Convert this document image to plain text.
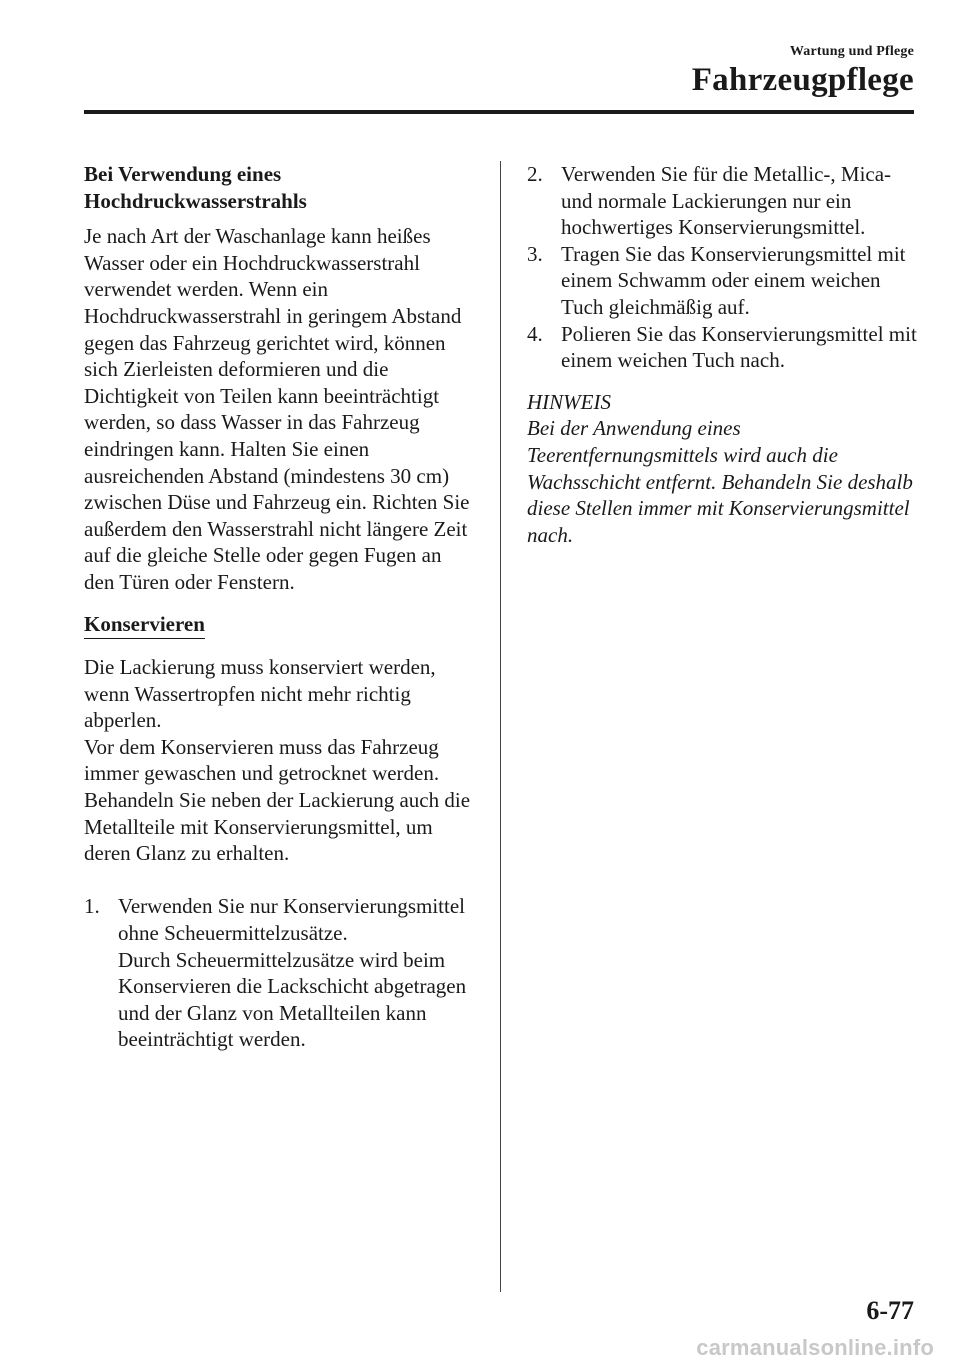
Wartung und Pflege
Fahrzeugpflege

Bei Verwendung eines
Hochdruckwasserstrahls

Je nach Art der Waschanlage kann heißes Wasser oder ein Hochdruckwasserstrahl verwendet werden. Wenn ein Hochdruckwasserstrahl in geringem Abstand gegen das Fahrzeug gerichtet wird, können sich Zierleisten deformieren und die Dichtigkeit von Teilen kann beeinträchtigt werden, so dass Wasser in das Fahrzeug eindringen kann. Halten Sie einen ausreichenden Abstand (mindestens 30 cm) zwischen Düse und Fahrzeug ein. Richten Sie außerdem den Wasserstrahl nicht längere Zeit auf die gleiche Stelle oder gegen Fugen an den Türen oder Fenstern.

Konservieren

Die Lackierung muss konserviert werden, wenn Wassertropfen nicht mehr richtig abperlen.

Vor dem Konservieren muss das Fahrzeug immer gewaschen und getrocknet werden. Behandeln Sie neben der Lackierung auch die Metallteile mit Konservierungsmittel, um deren Glanz zu erhalten.

1. Verwenden Sie nur Konservierungsmittel ohne Scheuermittelzusätze.
Durch Scheuermittelzusätze wird beim Konservieren die Lackschicht abgetragen und der Glanz von Metallteilen kann beeinträchtigt werden.
2. Verwenden Sie für die Metallic-, Mica- und normale Lackierungen nur ein hochwertiges Konservierungsmittel.
3. Tragen Sie das Konservierungsmittel mit einem Schwamm oder einem weichen Tuch gleichmäßig auf.
4. Polieren Sie das Konservierungsmittel mit einem weichen Tuch nach.

HINWEIS

Bei der Anwendung eines Teerentfernungsmittels wird auch die Wachsschicht entfernt. Behandeln Sie deshalb diese Stellen immer mit Konservierungsmittel nach.

6-77
carmanualsonline.info
